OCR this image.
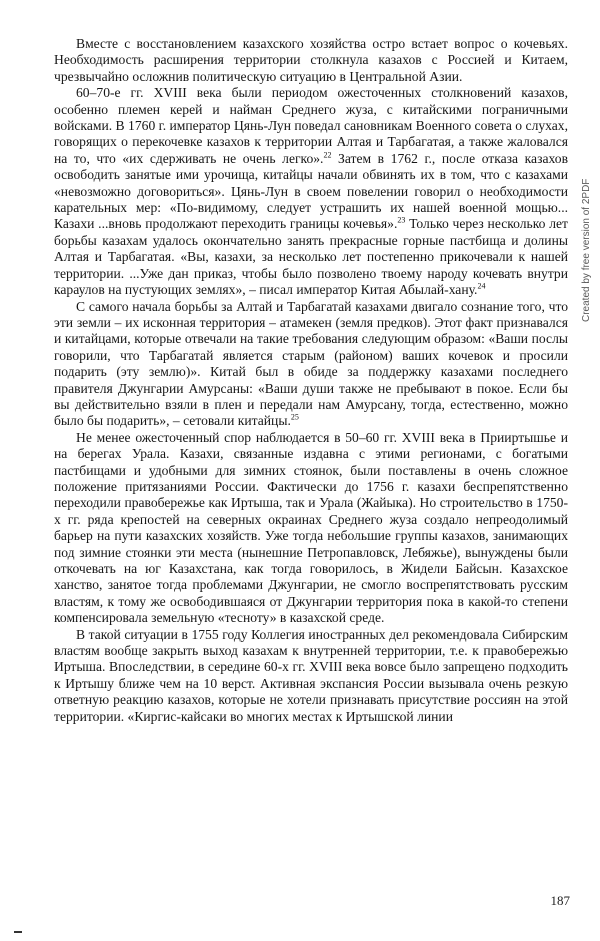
Вместе с восстановлением казахского хозяйства остро встает вопрос о кочевьях. Необходимость расширения территории столкнула казахов с Россией и Китаем, чрезвычайно осложнив политическую ситуацию в Центральной Азии.

60–70-е гг. XVIII века были периодом ожесточенных столкновений казахов, особенно племен керей и найман Среднего жуза, с китайскими пограничными войсками. В 1760 г. император Цянь-Лун поведал сановникам Военного совета о слухах, говорящих о перекочевке казахов к территории Алтая и Тарбагатая, а также жаловался на то, что «их сдерживать не очень легко».$^{22}$ Затем в 1762 г., после отказа казахов освободить занятые ими урочища, китайцы начали обвинять их в том, что с казахами «невозможно договориться». Цянь-Лун в своем повелении говорил о необходимости карательных мер: «По-видимому, следует устрашить их нашей военной мощью... Казахи ...вновь продолжают переходить границы кочевья».$^{23}$ Только через несколько лет борьбы казахам удалось окончательно занять прекрасные горные пастбища и долины Алтая и Тарбагатая. «Вы, казахи, за несколько лет постепенно прикочевали к нашей территории. ...Уже дан приказ, чтобы было позволено твоему народу кочевать внутри караулов на пустующих землях», – писал император Китая Абылай-хану.$^{24}$

С самого начала борьбы за Алтай и Тарбагатай казахами двигало сознание того, что эти земли – их исконная территория – атамекен (земля предков). Этот факт признавался и китайцами, которые отвечали на такие требования следующим образом: «Ваши послы говорили, что Тарбагатай является старым (районом) ваших кочевок и просили подарить (эту землю)». Китай был в обиде за поддержку казахами последнего правителя Джунгарии Амурсаны: «Ваши души также не пребывают в покое. Если бы вы действительно взяли в плен и передали нам Амурсану, тогда, естественно, можно было бы подарить», – сетовали китайцы.$^{25}$

Не менее ожесточенный спор наблюдается в 50–60 гг. XVIII века в Прииртышье и на берегах Урала. Казахи, связанные издавна с этими регионами, с богатыми пастбищами и удобными для зимних стоянок, были поставлены в очень сложное положение притязаниями России. Фактически до 1756 г. казахи беспрепятственно переходили правобережье как Иртыша, так и Урала (Жайыка). Но строительство в 1750-х гг. ряда крепостей на северных окраинах Среднего жуза создало непреодолимый барьер на пути казахских хозяйств. Уже тогда небольшие группы казахов, занимающих под зимние стоянки эти места (нынешние Петропавловск, Лебяжье), вынуждены были откочевать на юг Казахстана, как тогда говорилось, в Жидели Байсын. Казахское ханство, занятое тогда проблемами Джунгарии, не смогло воспрепятствовать русским властям, к тому же освободившаяся от Джунгарии территория пока в какой-то степени компенсировала земельную «тесноту» в казахской среде.

В такой ситуации в 1755 году Коллегия иностранных дел рекомендовала Сибирским властям вообще закрыть выход казахам к внутренней территории, т.е. к правобережью Иртыша. Впоследствии, в середине 60-х гг. XVIII века вовсе было запрещено подходить к Иртышу ближе чем на 10 верст. Активная экспансия России вызывала очень резкую ответную реакцию казахов, которые не хотели признавать присутствие россиян на этой территории. «Киргис-кайсаки во многих местах к Иртышской линии

Created by free version of 2PDF
187
